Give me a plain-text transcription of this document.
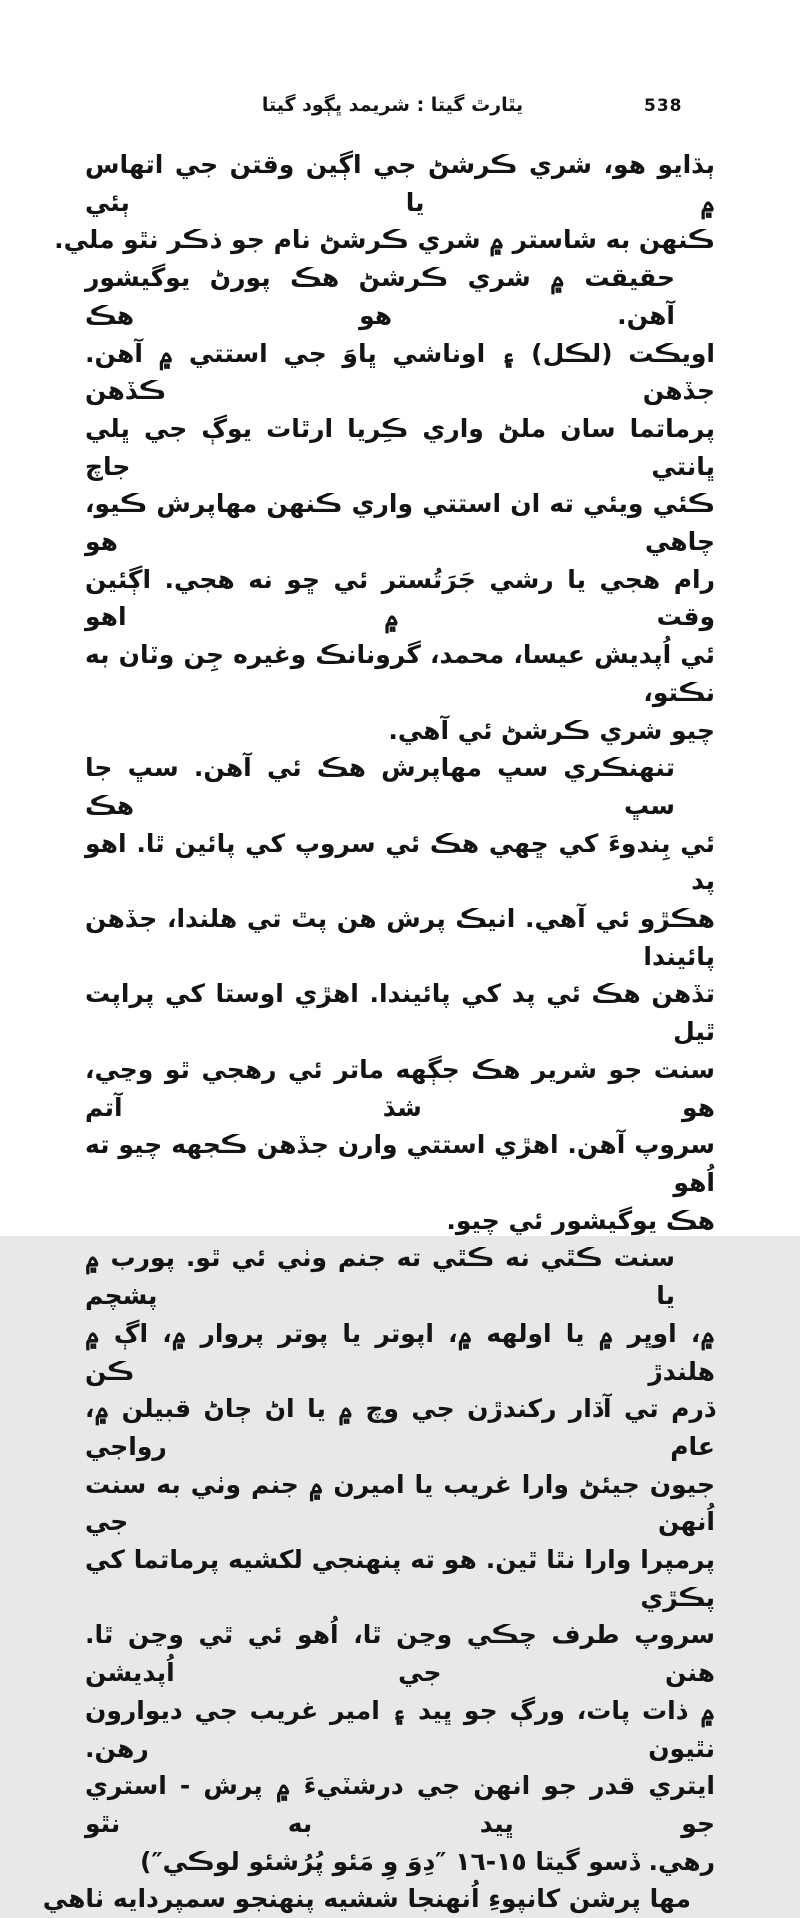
يٿارٿ گيتا : شريمد ڀڳود گيتا	538
ٻڌايو هو، شري ڪرشڻ جي اڳين وقتن جي اتهاس ۾ يا ٻئي
ڪنهن به شاستر ۾ شري ڪرشڻ نام جو ذڪر نٿو ملي.
حقيقت ۾ شري ڪرشڻ هڪ پورڻ يوگيشور آهن. هو هڪ
اويڪت (لڪل) ۽ اوناشي ڀاوَ جي استتي ۾ آهن. جڏهن ڪڏهن
پرماتما سان ملڻ واري ڪِريا ارٿات يوڳ جي ڀلي ڀانتي جاچ
ڪئي ويئي ته ان استتي واري ڪنهن مهاپرش ڪيو، چاهي هو
رام هجي يا رشي جَرَتُستر ئي ڇو نه هجي. اڳئين وقت ۾ اهو
ئي اُپديش عيسا، محمد، گرونانڪ وغيره جِن وٽان به نڪتو،
چيو شري ڪرشڻ ئي آهي.
تنهنڪري سڀ مهاپرش هڪ ئي آهن. سڀ جا سڀ هڪ
ئي بِندوءَ کي ڇهي هڪ ئي سروپ کي پائين ٿا. اهو پد
هڪڙو ئي آهي. انيڪ پرش هن پٿ تي هلندا، جڏهن پائيندا
تڏهن هڪ ئي پد کي پائيندا. اهڙي اوستا کي پراپت ٿيل
سنت جو شرير هڪ جڳهه ماتر ئي رهجي ٿو وڃي، هو شڌ آتم
سروپ آهن. اهڙي استتي وارن جڏهن ڪجهه چيو ته اُهو
هڪ يوگيشور ئي چيو.
سنت ڪٿي نه ڪٿي ته جنم وٺي ئي ٿو. پورب ۾ يا پشچم
۾، اوڀر ۾ يا اولهه ۾، اپوتر يا پوتر پروار ۾، اڳ ۾ هلندڙ ڪن
ڌرم تي آڌار رکندڙن جي وچ ۾ يا اڻ ڄاڻ قبيلن ۾، عام رواجي
جيون جيئڻ وارا غريب يا اميرن ۾ جنم وٺي به سنت اُنهن جي
پرمپرا وارا نٿا ٿين. هو ته پنهنجي لکشيه پرماتما کي پڪڙي
سروپ طرف چڪي وڃن ٿا، اُهو ئي ٿي وڃن ٿا. هنن جي اُپديشن
۾ ذات پات، ورڳ جو ڀيد ۽ امير غريب جي ديوارون نٿيون رهن.
ايتري قدر جو انهن جي درشٽيءَ ۾ پرش - استري جو ڀيد به نٿو
رهي. ڏسو گيتا ١٥-١٦ ″دِوَ وِ مَئو پُرُشئو لوڪي″)
مها پرشن کانپوءِ اُنهنجا ششيه پنهنجو سمپردايه ٺاهي
